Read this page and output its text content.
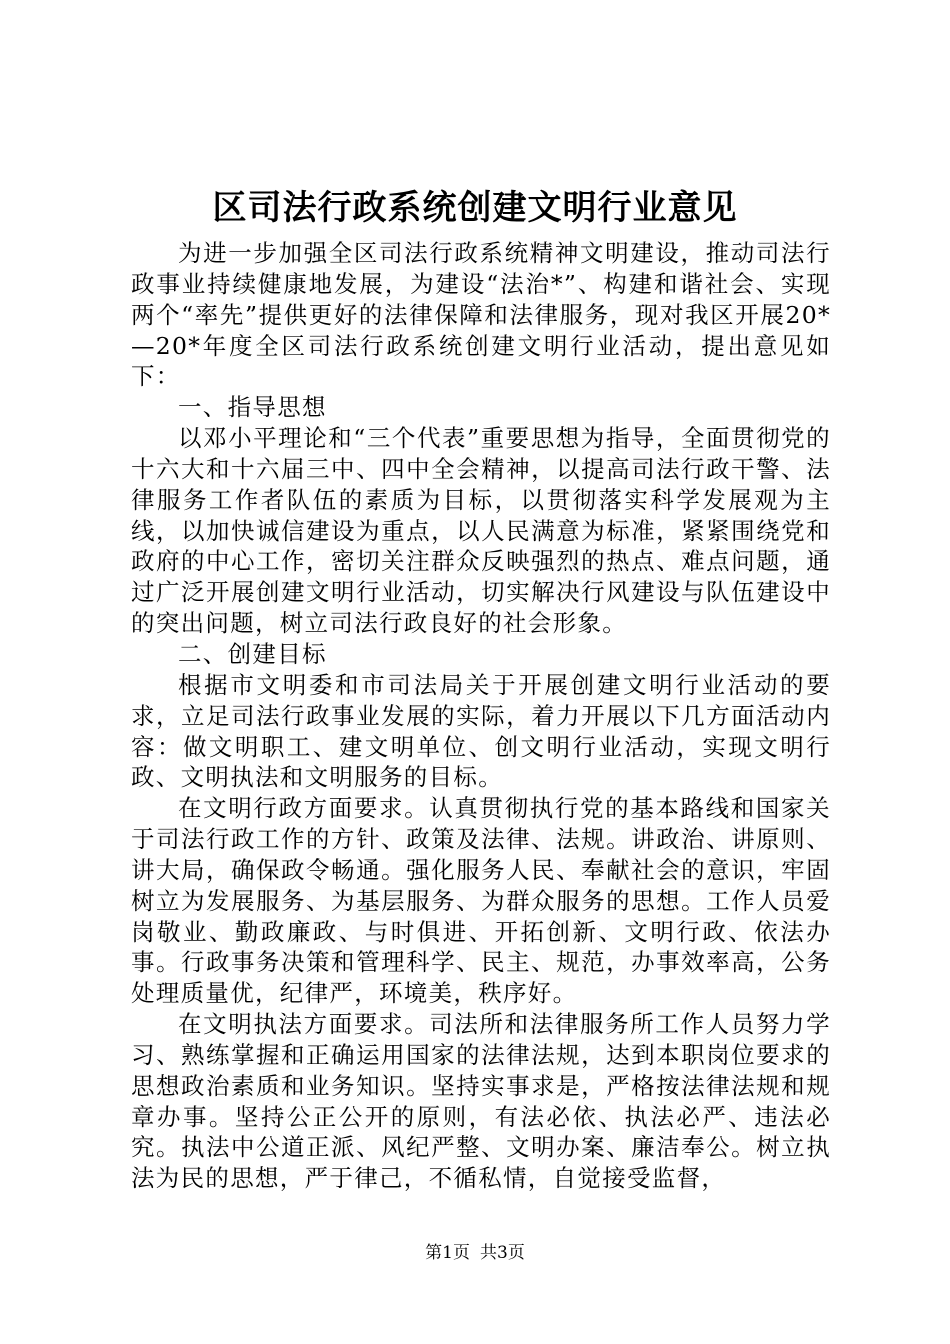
区司法行政系统创建文明行业意见

为进一步加强全区司法行政系统精神文明建设，推动司法行政事业持续健康地发展，为建设“法治*”、构建和谐社会、实现两个“率先”提供更好的法律保障和法律服务，现对我区开展20*—20*年度全区司法行政系统创建文明行业活动，提出意见如下：

一、指导思想

以邓小平理论和“三个代表”重要思想为指导，全面贯彻党的十六大和十六届三中、四中全会精神，以提高司法行政干警、法律服务工作者队伍的素质为目标，以贯彻落实科学发展观为主线，以加快诚信建设为重点，以人民满意为标准，紧紧围绕党和政府的中心工作，密切关注群众反映强烈的热点、难点问题，通过广泛开展创建文明行业活动，切实解决行风建设与队伍建设中的突出问题，树立司法行政良好的社会形象。

二、创建目标

根据市文明委和市司法局关于开展创建文明行业活动的要求，立足司法行政事业发展的实际，着力开展以下几方面活动内容：做文明职工、建文明单位、创文明行业活动，实现文明行政、文明执法和文明服务的目标。

在文明行政方面要求。认真贯彻执行党的基本路线和国家关于司法行政工作的方针、政策及法律、法规。讲政治、讲原则、讲大局，确保政令畅通。强化服务人民、奉献社会的意识，牢固树立为发展服务、为基层服务、为群众服务的思想。工作人员爱岗敬业、勤政廉政、与时俱进、开拓创新、文明行政、依法办事。行政事务决策和管理科学、民主、规范，办事效率高，公务处理质量优，纪律严，环境美，秩序好。

在文明执法方面要求。司法所和法律服务所工作人员努力学习、熟练掌握和正确运用国家的法律法规，达到本职岗位要求的思想政治素质和业务知识。坚持实事求是，严格按法律法规和规章办事。坚持公正公开的原则，有法必依、执法必严、违法必究。执法中公道正派、风纪严整、文明办案、廉洁奉公。树立执法为民的思想，严于律己，不循私情，自觉接受监督，

第1页 共3页
